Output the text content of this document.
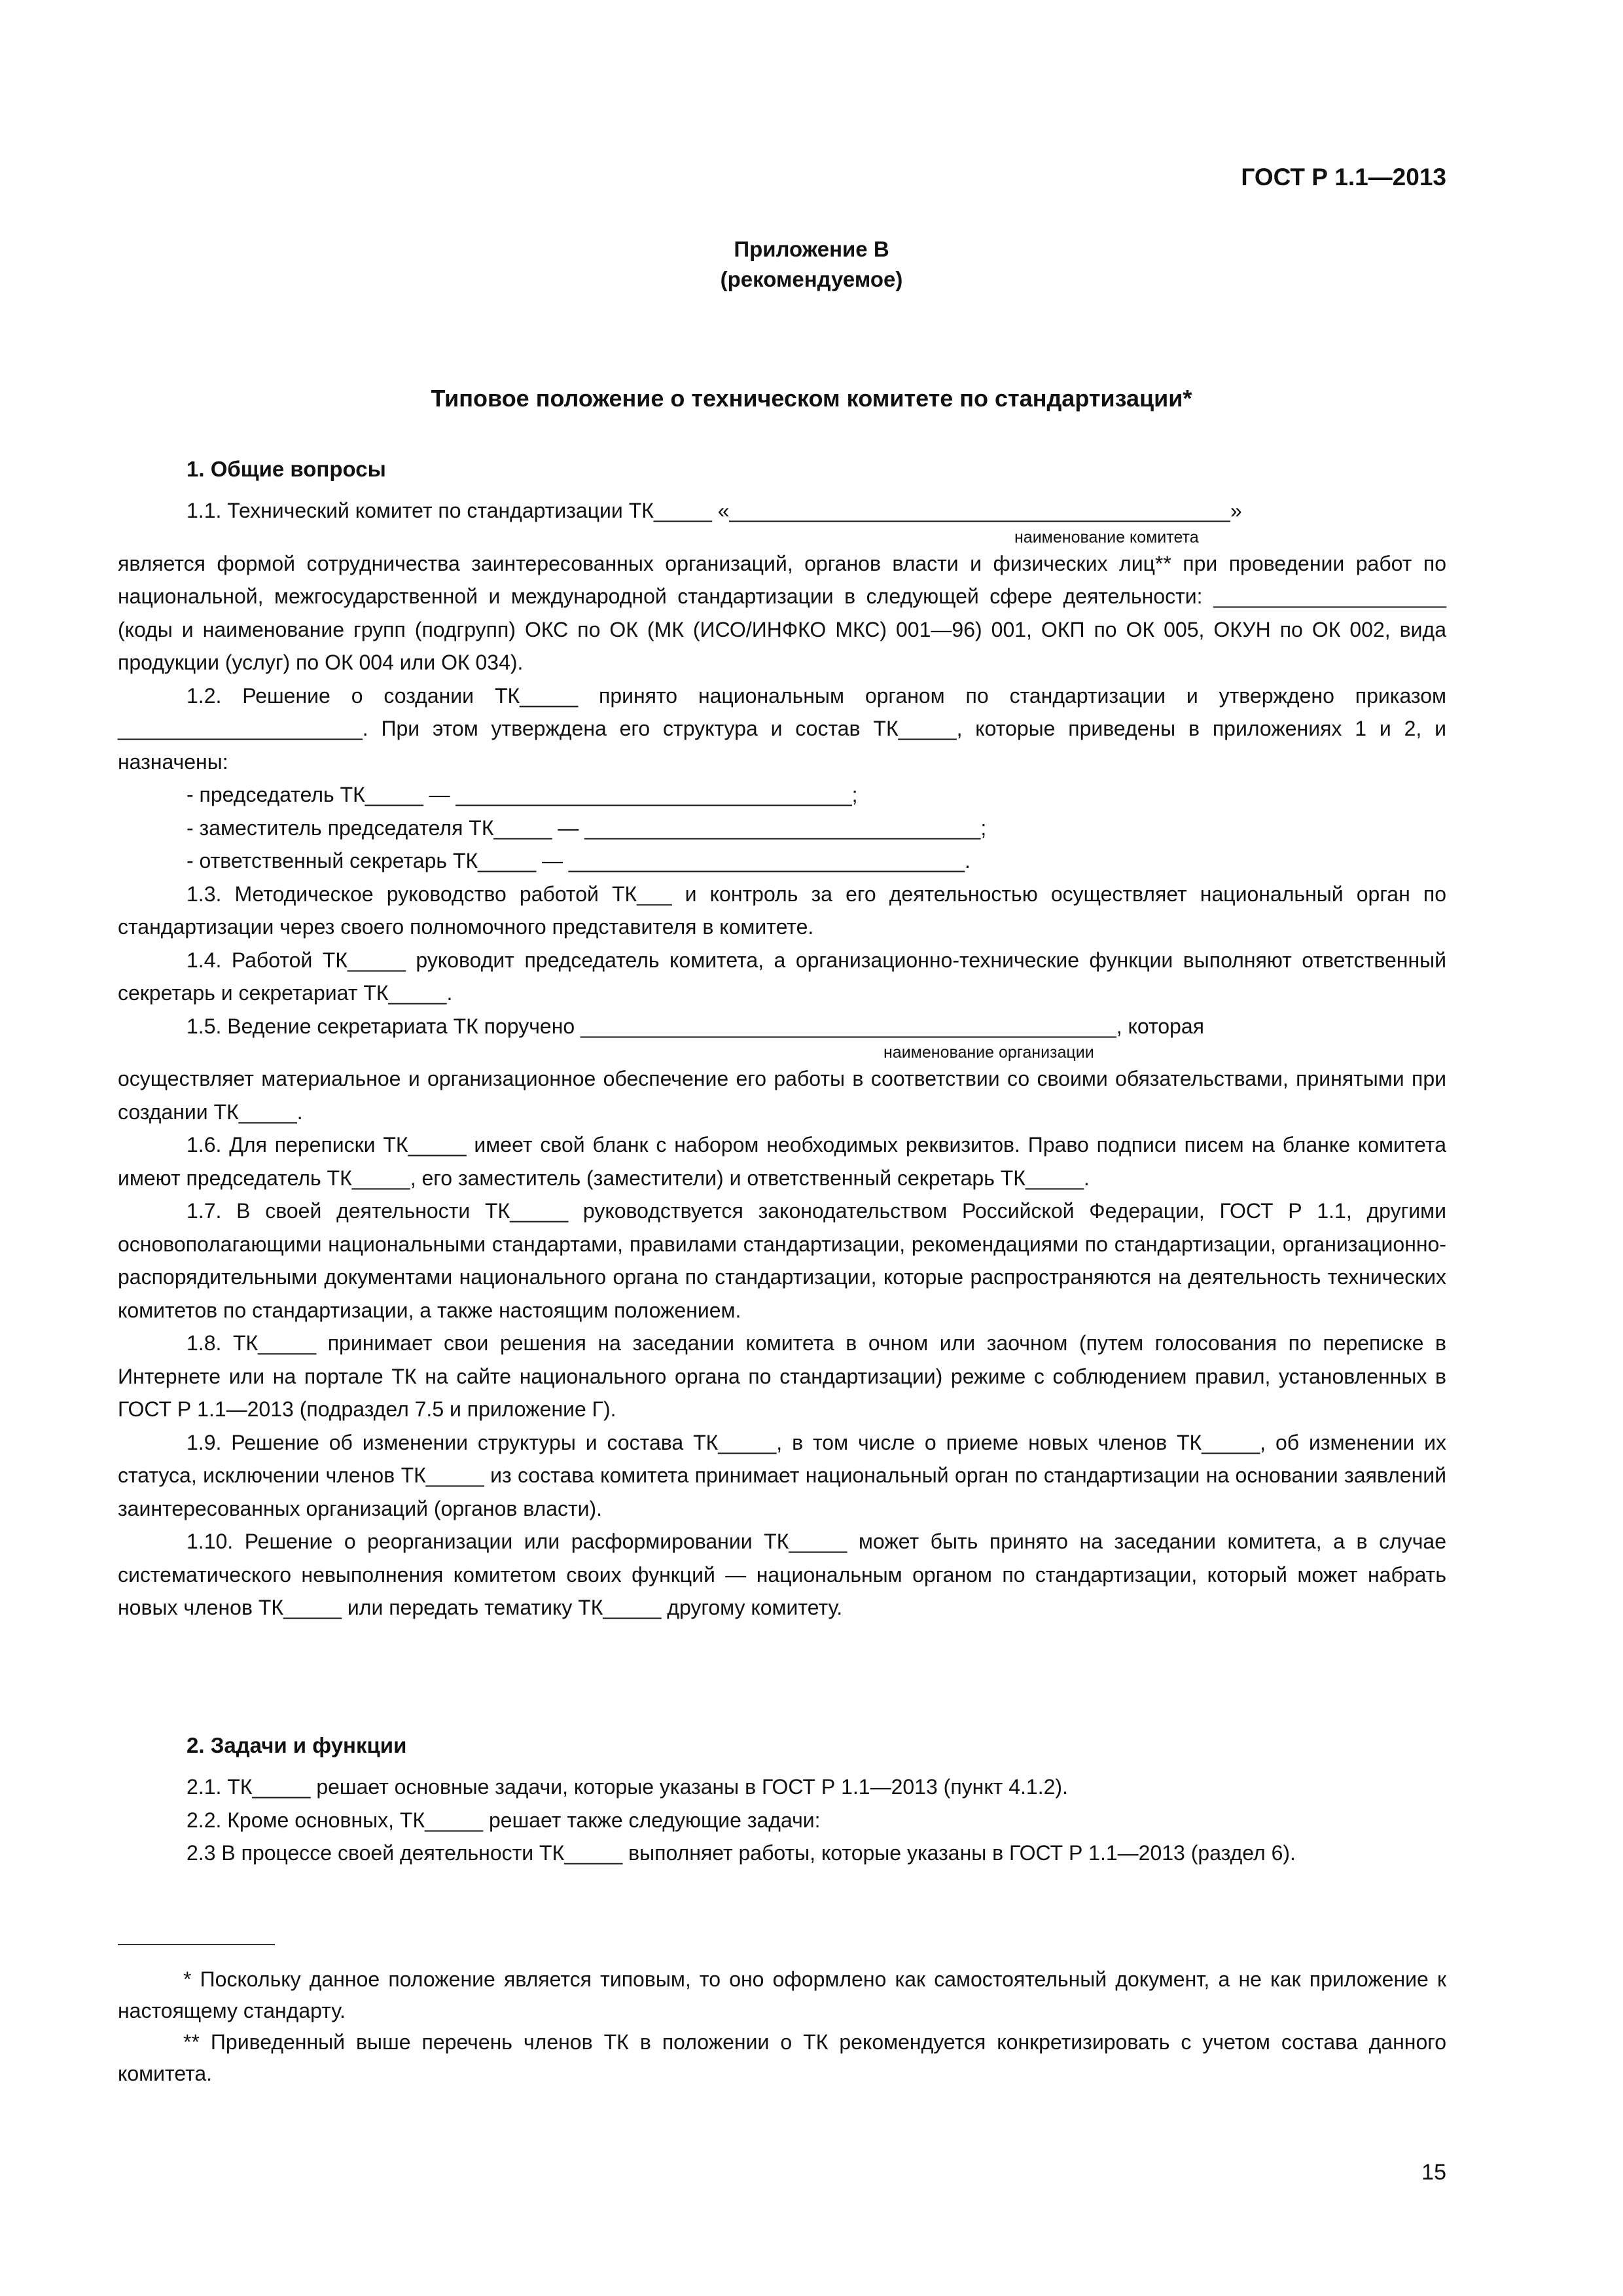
ГОСТ Р 1.1—2013
Приложение В
(рекомендуемое)
Типовое положение о техническом комитете по стандартизации*
1. Общие вопросы

1.1. Технический комитет по стандартизации ТК_____ «___________________________________________»

наименование комитета

является формой сотрудничества заинтересованных организаций, органов власти и физических лиц** при проведении работ по национальной, межгосударственной и международной стандартизации в следующей сфере деятельности: ____________________ (коды и наименование групп (подгрупп) ОКС по ОК (МК (ИСО/ИНФКО МКС) 001—96) 001, ОКП по ОК 005, ОКУН по ОК 002, вида продукции (услуг) по ОК 004 или ОК 034).

1.2. Решение о создании ТК_____ принято национальным органом по стандартизации и утверждено приказом _____________________. При этом утверждена его структура и состав ТК_____, которые приведены в приложениях 1 и 2, и назначены:

- председатель ТК_____ — __________________________________;

- заместитель председателя ТК_____ — __________________________________;

- ответственный секретарь ТК_____ — __________________________________.

1.3. Методическое руководство работой ТК___ и контроль за его деятельностью осуществляет национальный орган по стандартизации через своего полномочного представителя в комитете.

1.4. Работой ТК_____ руководит председатель комитета, а организационно-технические функции выполняют ответственный секретарь и секретариат ТК_____.

1.5. Ведение секретариата ТК поручено ______________________________________________, которая

наименование организации

осуществляет материальное и организационное обеспечение его работы в соответствии со своими обязательствами, принятыми при создании ТК_____.

1.6. Для переписки ТК_____ имеет свой бланк с набором необходимых реквизитов. Право подписи писем на бланке комитета имеют председатель ТК_____, его заместитель (заместители) и ответственный секретарь ТК_____.

1.7. В своей деятельности ТК_____ руководствуется законодательством Российской Федерации, ГОСТ Р 1.1, другими основополагающими национальными стандартами, правилами стандартизации, рекомендациями по стандартизации, организационно-распорядительными документами национального органа по стандартизации, которые распространяются на деятельность технических комитетов по стандартизации, а также настоящим положением.

1.8. ТК_____ принимает свои решения на заседании комитета в очном или заочном (путем голосования по переписке в Интернете или на портале ТК на сайте национального органа по стандартизации) режиме с соблюдением правил, установленных в ГОСТ Р 1.1—2013 (подраздел 7.5 и приложение Г).

1.9. Решение об изменении структуры и состава ТК_____, в том числе о приеме новых членов ТК_____, об изменении их статуса, исключении членов ТК_____ из состава комитета принимает национальный орган по стандартизации на основании заявлений заинтересованных организаций (органов власти).

1.10. Решение о реорганизации или расформировании ТК_____ может быть принято на заседании комитета, а в случае систематического невыполнения комитетом своих функций — национальным органом по стандартизации, который может набрать новых членов ТК_____ или передать тематику ТК_____ другому комитету.

2. Задачи и функции

2.1. ТК_____ решает основные задачи, которые указаны в ГОСТ Р 1.1—2013 (пункт 4.1.2).

2.2. Кроме основных, ТК_____ решает также следующие задачи:

2.3 В процессе своей деятельности ТК_____ выполняет работы, которые указаны в ГОСТ Р 1.1—2013 (раздел 6).

* Поскольку данное положение является типовым, то оно оформлено как самостоятельный документ, а не как приложение к настоящему стандарту.

** Приведенный выше перечень членов ТК в положении о ТК рекомендуется конкретизировать с учетом состава данного комитета.

15
